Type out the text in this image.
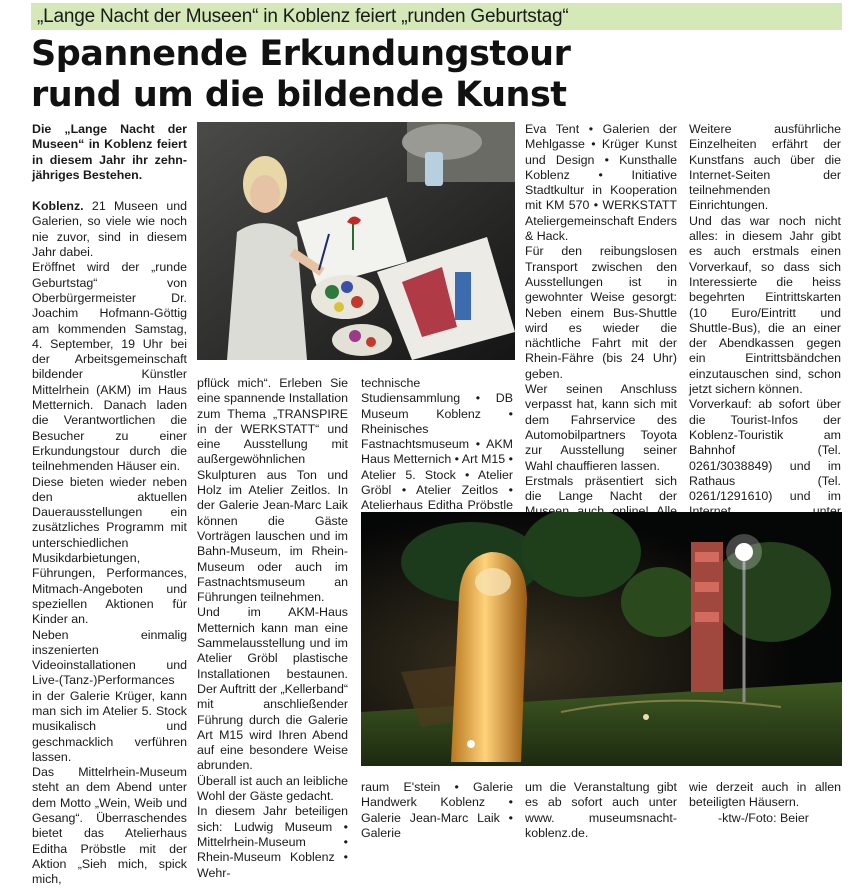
„Lange Nacht der Museen“ in Koblenz feiert „runden Geburtstag“
Spannende Erkundungstour
rund um die bildende Kunst

Die „Lange Nacht der Museen“ in Koblenz feiert in diesem Jahr ihr zehn-jähriges Bestehen.

Koblenz. 21 Museen und Galerien, so viele wie noch nie zuvor, sind in diesem Jahr dabei.

Eröffnet wird der „runde Geburtstag“ von Oberbürgermeister Dr. Joachim Hofmann-Göttig am kommenden Samstag, 4. September, 19 Uhr bei der Arbeitsgemeinschaft bildender Künstler Mittelrhein (AKM) im Haus Metternich. Danach laden die Verantwortlichen die Besucher zu einer Erkundungstour durch die teilnehmenden Häuser ein.

Diese bieten wieder neben den aktuellen Dauerausstellungen ein zusätzliches Programm mit unterschiedlichen Musikdarbietungen, Führungen, Performances, Mitmach-Angeboten und speziellen Aktionen für Kinder an.

Neben einmalig inszenierten Videoinstallationen und Live-(Tanz-)Performances in der Galerie Krüger, kann man sich im Atelier 5. Stock musikalisch und geschmacklich verführen lassen.

Das Mittelrhein-Museum steht an dem Abend unter dem Motto „Wein, Weib und Gesang“. Überraschendes bietet das Atelierhaus Editha Pröbstle mit der Aktion „Sieh mich, spick mich,

pflück mich“. Erleben Sie eine spannende Installation zum Thema „TRANSPIRE in der WERKSTATT“ und eine Ausstellung mit außergewöhnlichen Skulpturen aus Ton und Holz im Atelier Zeitlos. In der Galerie Jean-Marc Laik können die Gäste Vorträgen lauschen und im Bahn-Museum, im Rhein-Museum oder auch im Fastnachtsmuseum an Führungen teilnehmen.

Und im AKM-Haus Metternich kann man eine Sammelausstellung und im Atelier Gröbl plastische Installationen bestaunen. Der Auftritt der „Kellerband“ mit anschließender Führung durch die Galerie Art M15 wird Ihren Abend auf eine besondere Weise abrunden.

Überall ist auch an leibliche Wohl der Gäste gedacht.

In diesem Jahr beteiligen sich: Ludwig Museum • Mittelrhein-Museum • Rhein-Museum Koblenz • Wehr-

technische Studiensammlung • DB Museum Koblenz • Rheinisches Fastnachtsmuseum • AKM Haus Metternich • Art M15 • Atelier 5. Stock • Atelier Gröbl • Atelier Zeitlos • Atelierhaus Editha Pröbstle

raum E'stein • Galerie Handwerk Koblenz • Galerie Jean-Marc Laik • Galerie

Eva Tent • Galerien der Mehlgasse • Krüger Kunst und Design • Kunsthalle Koblenz • Initiative Stadtkultur in Kooperation mit KM 570 • WERKSTATT Ateliergemeinschaft Enders & Hack.

Für den reibungslosen Transport zwischen den Ausstellungen ist in gewohnter Weise gesorgt: Neben einem Bus-Shuttle wird es wieder die nächtliche Fahrt mit der Rhein-Fähre (bis 24 Uhr) geben.

Wer seinen Anschluss verpasst hat, kann sich mit dem Fahrservice des Automobilpartners Toyota zur Ausstellung seiner Wahl chauffieren lassen.

Erstmals präsentiert sich die Lange Nacht der

um die Veranstaltung gibt es ab sofort auch unter www. museumsnacht-koblenz.de.

Weitere ausführliche Einzelheiten erfährt der Kunstfans auch über die Internet-Seiten der teilnehmenden Einrichtungen.

Und das war noch nicht alles: in diesem Jahr gibt es auch erstmals einen Vorverkauf, so dass sich Interessierte die heiss begehrten Eintrittskarten (10 Euro/Eintritt und Shuttle-Bus), die an einer der Abendkassen gegen ein Eintrittsbändchen einzutauschen sind, schon jetzt sichern können.

Vorverkauf: ab sofort über die Tourist-Infos der Koblenz-Touristik am Bahnhof (Tel. 0261/3038849) und im Rathaus (Tel. 0261/1291610) und im

wie derzeit auch in allen beteiligten Häusern.

-ktw-/Foto: Beier
